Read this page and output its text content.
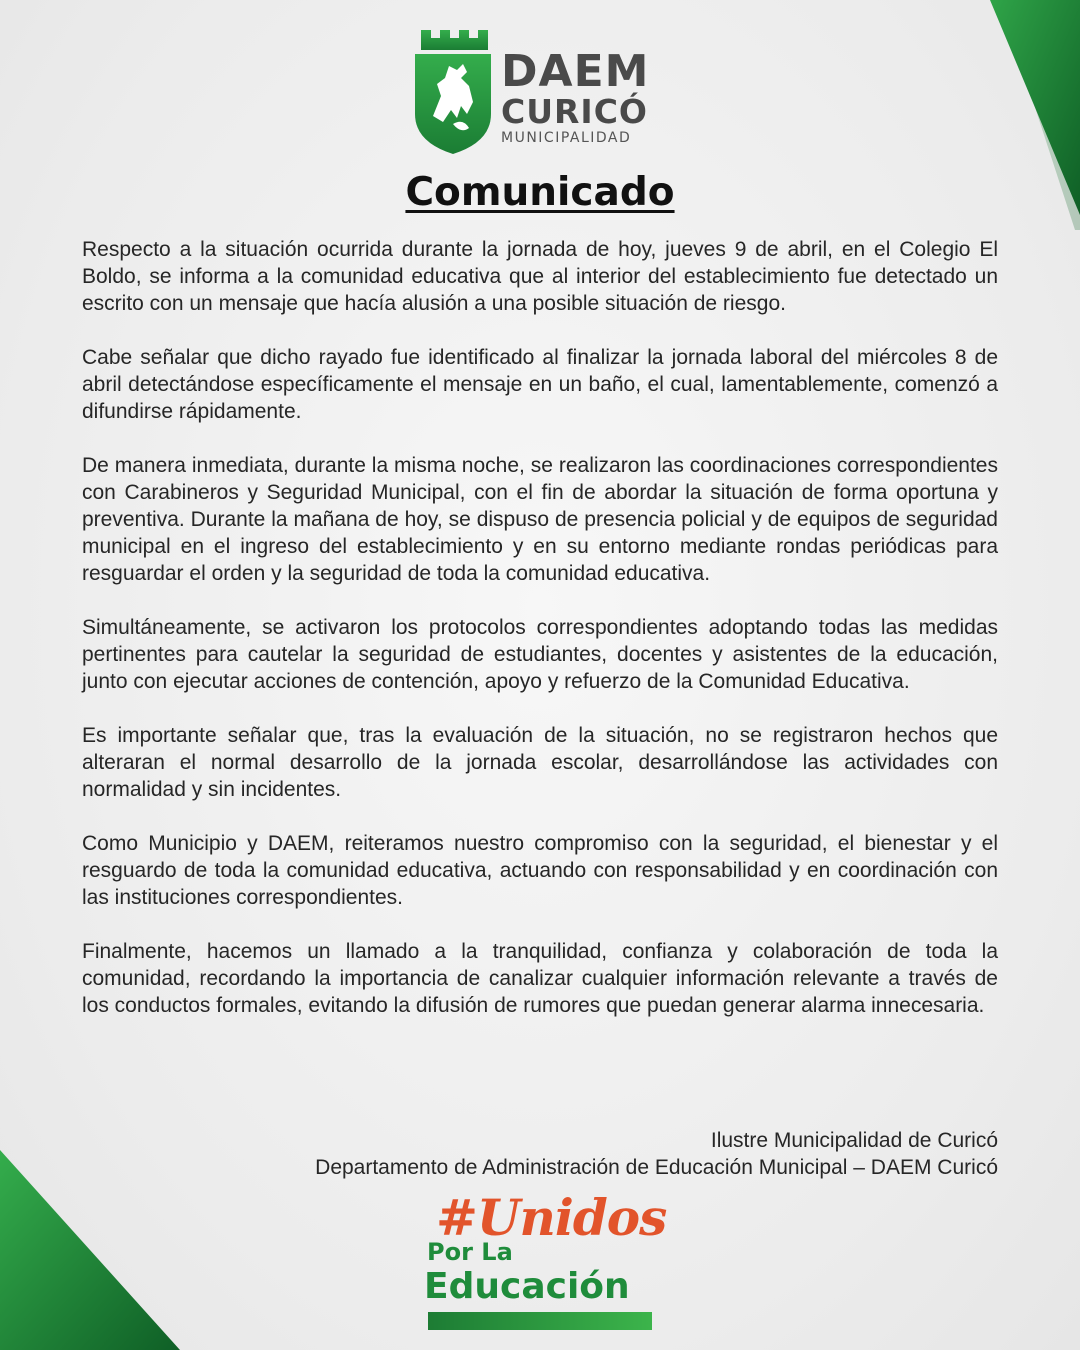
DAEM
CURICÓ
MUNICIPALIDAD
Comunicado

Respecto a la situación ocurrida durante la jornada de hoy, jueves 9 de abril, en el Colegio El Boldo, se informa a la comunidad educativa que al interior del establecimiento fue detectado un escrito con un mensaje que hacía alusión a una posible situación de riesgo.

Cabe señalar que dicho rayado fue identificado al finalizar la jornada laboral del miércoles 8 de abril detectándose específicamente el mensaje en un baño, el cual, lamentablemente, comenzó a difundirse rápidamente.

De manera inmediata, durante la misma noche, se realizaron las coordinaciones correspondientes con Carabineros y Seguridad Municipal, con el fin de abordar la situación de forma oportuna y preventiva. Durante la mañana de hoy, se dispuso de presencia policial y de equipos de seguridad municipal en el ingreso del establecimiento y en su entorno mediante rondas periódicas para resguardar el orden y la seguridad de toda la comunidad educativa.

Simultáneamente, se activaron los protocolos correspondientes adoptando todas las medidas pertinentes para cautelar la seguridad de estudiantes, docentes y asistentes de la educación, junto con ejecutar acciones de contención, apoyo y refuerzo de la Comunidad Educativa.

Es importante señalar que, tras la evaluación de la situación, no se registraron hechos que alteraran el normal desarrollo de la jornada escolar, desarrollándose las actividades con normalidad y sin incidentes.

Como Municipio y DAEM, reiteramos nuestro compromiso con la seguridad, el bienestar y el resguardo de toda la comunidad educativa, actuando con responsabilidad y en coordinación con las instituciones correspondientes.

Finalmente, hacemos un llamado a la tranquilidad, confianza y colaboración de toda la comunidad, recordando la importancia de canalizar cualquier información relevante a través de los conductos formales, evitando la difusión de rumores que puedan generar alarma innecesaria.

Ilustre Municipalidad de Curicó
Departamento de Administración de Educación Municipal – DAEM Curicó
#Unidos
Por La
Educación
